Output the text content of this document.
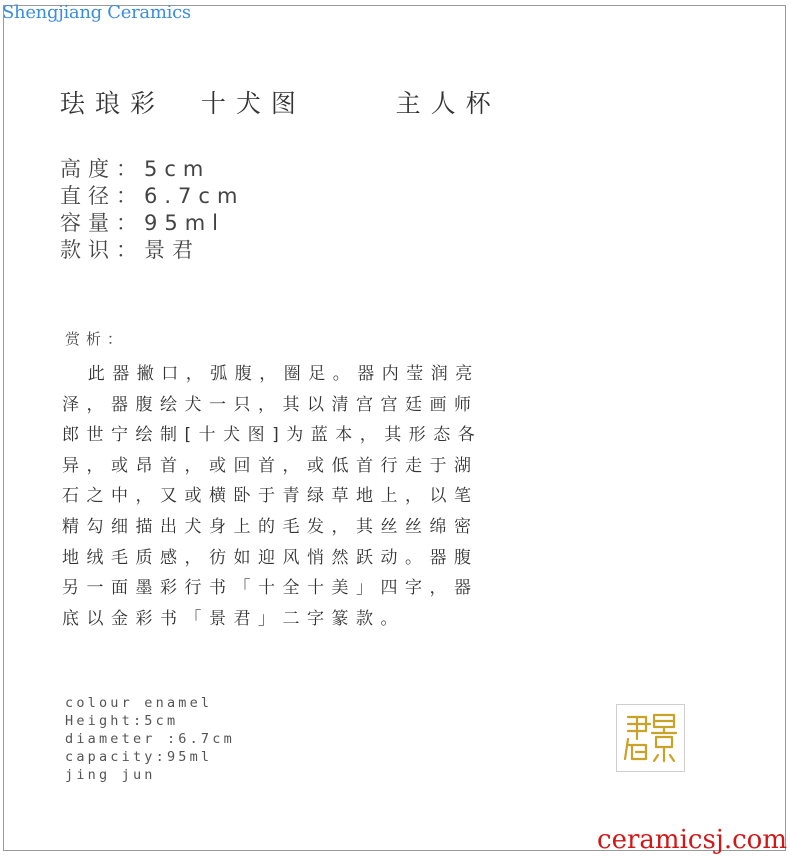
Shengjiang Ceramics
珐琅彩  十犬图     主人杯
高度：5cm
直径：6.7cm
容量：95ml
款识：景君
赏析：
此器撇口，弧腹，圈足。器内莹润亮
泽，器腹绘犬一只，其以清宫宫廷画师
郎世宁绘制[十犬图]为蓝本，其形态各
异，或昂首，或回首，或低首行走于湖
石之中，又或横卧于青绿草地上，以笔
精勾细描出犬身上的毛发，其丝丝绵密
地绒毛质感，彷如迎风悄然跃动。器腹
另一面墨彩行书「十全十美」四字，器
底以金彩书「景君」二字篆款。
colour enamel
Height:5cm
diameter :6.7cm
capacity:95ml
jing jun
ceramicsj.com
